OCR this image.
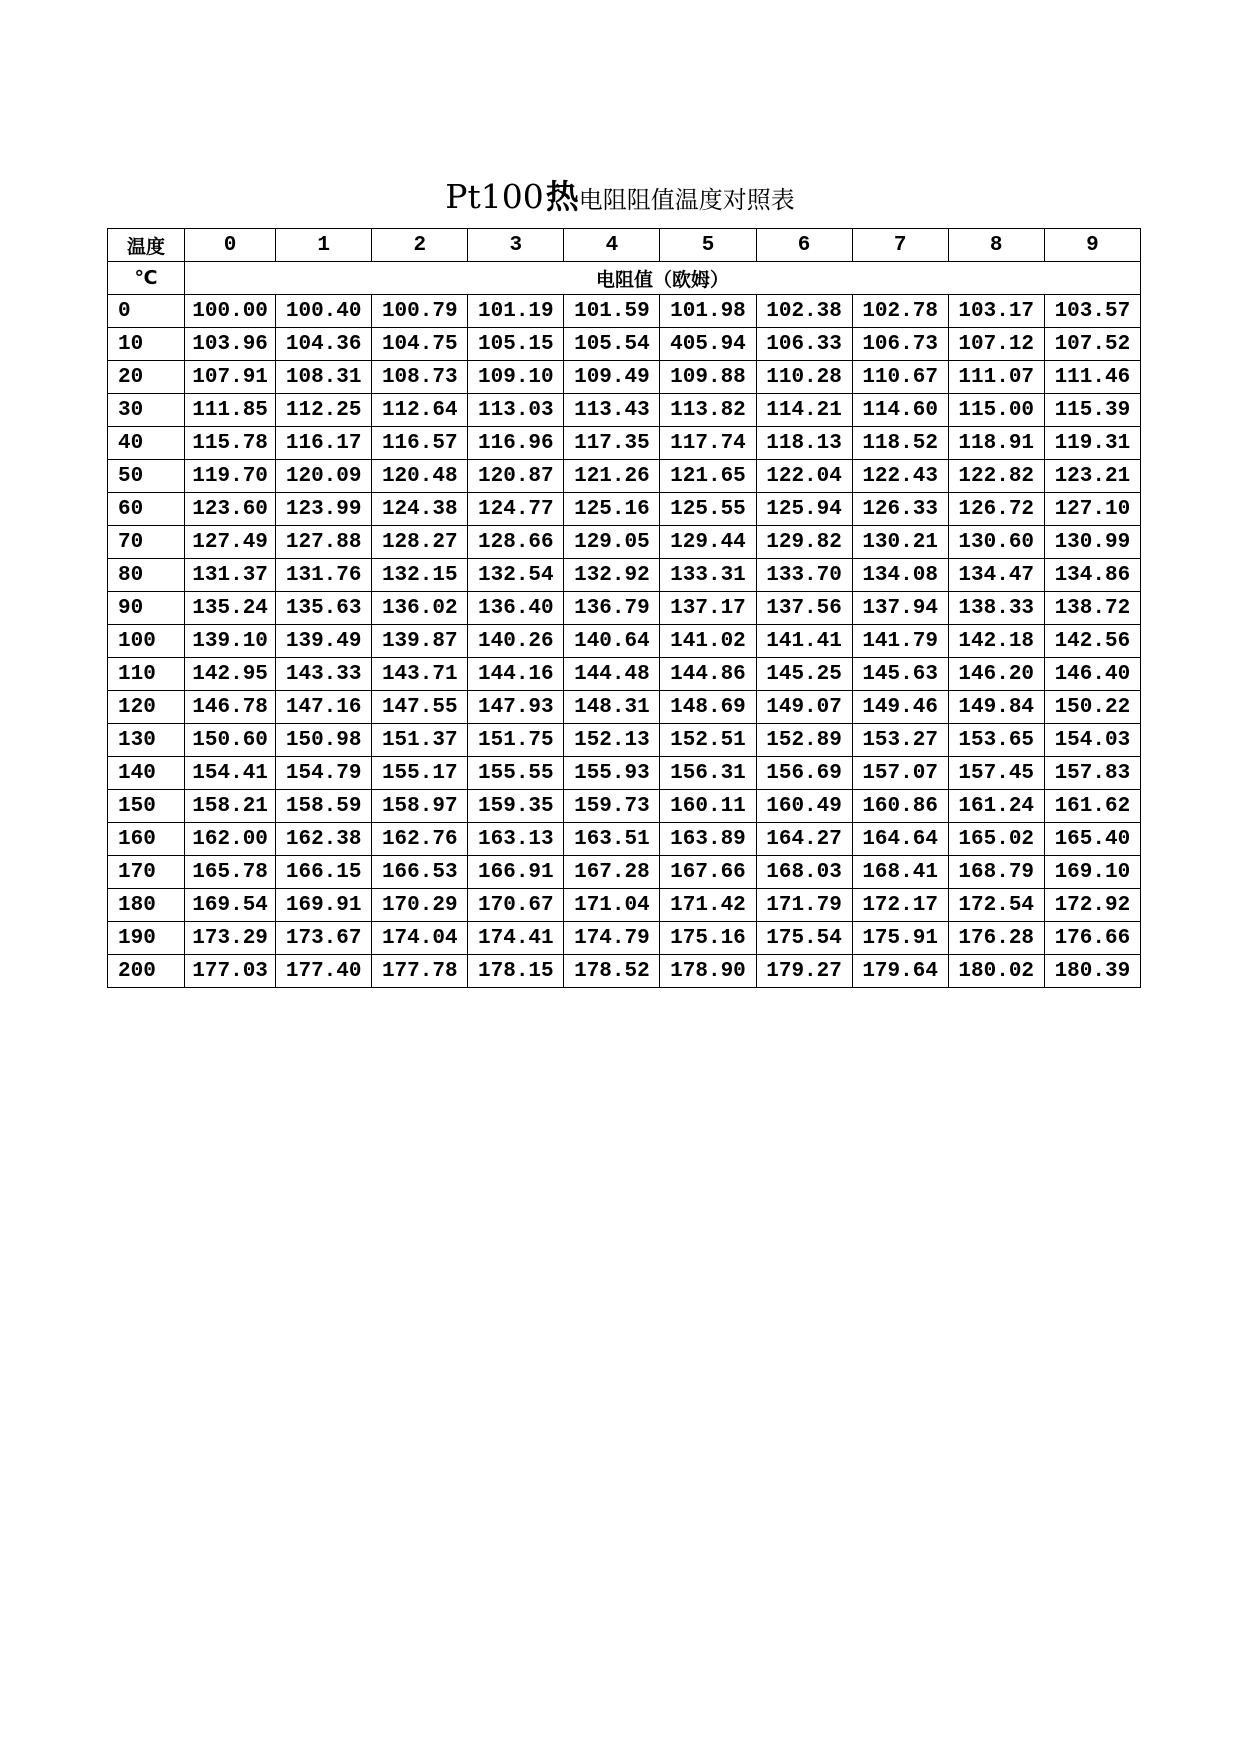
Pt100热电阻阻值温度对照表
温度	0	1	2	3	4	5	6	7	8	9
℃	电阻值（欧姆）									
0	100.00	100.40	100.79	101.19	101.59	101.98	102.38	102.78	103.17	103.57
10	103.96	104.36	104.75	105.15	105.54	405.94	106.33	106.73	107.12	107.52
20	107.91	108.31	108.73	109.10	109.49	109.88	110.28	110.67	111.07	111.46
30	111.85	112.25	112.64	113.03	113.43	113.82	114.21	114.60	115.00	115.39
40	115.78	116.17	116.57	116.96	117.35	117.74	118.13	118.52	118.91	119.31
50	119.70	120.09	120.48	120.87	121.26	121.65	122.04	122.43	122.82	123.21
60	123.60	123.99	124.38	124.77	125.16	125.55	125.94	126.33	126.72	127.10
70	127.49	127.88	128.27	128.66	129.05	129.44	129.82	130.21	130.60	130.99
80	131.37	131.76	132.15	132.54	132.92	133.31	133.70	134.08	134.47	134.86
90	135.24	135.63	136.02	136.40	136.79	137.17	137.56	137.94	138.33	138.72
100	139.10	139.49	139.87	140.26	140.64	141.02	141.41	141.79	142.18	142.56
110	142.95	143.33	143.71	144.16	144.48	144.86	145.25	145.63	146.20	146.40
120	146.78	147.16	147.55	147.93	148.31	148.69	149.07	149.46	149.84	150.22
130	150.60	150.98	151.37	151.75	152.13	152.51	152.89	153.27	153.65	154.03
140	154.41	154.79	155.17	155.55	155.93	156.31	156.69	157.07	157.45	157.83
150	158.21	158.59	158.97	159.35	159.73	160.11	160.49	160.86	161.24	161.62
160	162.00	162.38	162.76	163.13	163.51	163.89	164.27	164.64	165.02	165.40
170	165.78	166.15	166.53	166.91	167.28	167.66	168.03	168.41	168.79	169.10
180	169.54	169.91	170.29	170.67	171.04	171.42	171.79	172.17	172.54	172.92
190	173.29	173.67	174.04	174.41	174.79	175.16	175.54	175.91	176.28	176.66
200	177.03	177.40	177.78	178.15	178.52	178.90	179.27	179.64	180.02	180.39
